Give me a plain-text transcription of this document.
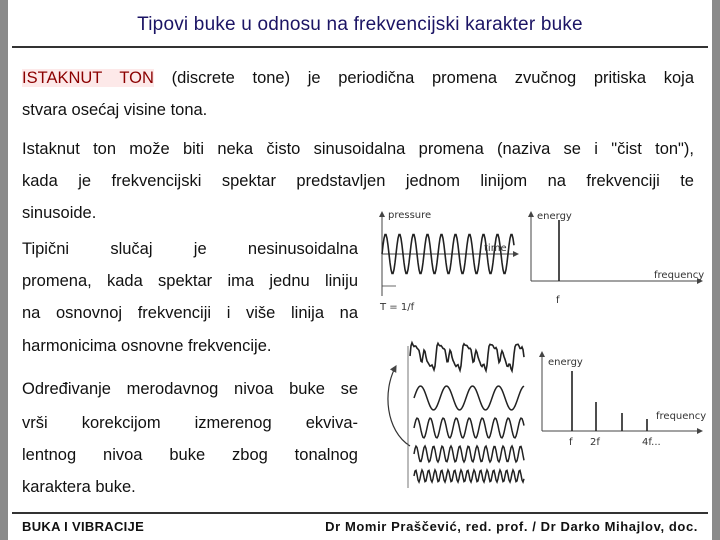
Tipovi buke u odnosu na frekvencijski karakter buke
ISTAKNUT TON (discrete tone) je periodična promena zvučnog pritiska koja
stvara osećaj visine tona.
Istaknut ton može biti neka čisto sinusoidalna promena (naziva se i "čist ton"),
kada je frekvencijski spektar predstavljen jednom linijom na frekvenciji te
sinusoide.
Tipični slučaj je nesinusoidalna
promena, kada spektar ima jednu liniju
na osnovnoj frekvenciji i više linija na
harmonicima osnovne frekvencije.
Određivanje merodavnog nivoa buke se
vrši korekcijom izmerenog ekviva-
lentnog nivoa buke zbog tonalnog
karaktera buke.
pressure
time
T = 1/f
energy
frequency
f
energy
frequency
f 2f	4f...
BUKA I VIBRACIJE	Dr Momir Praščević, red. prof. / Dr Darko Mihajlov, doc.
